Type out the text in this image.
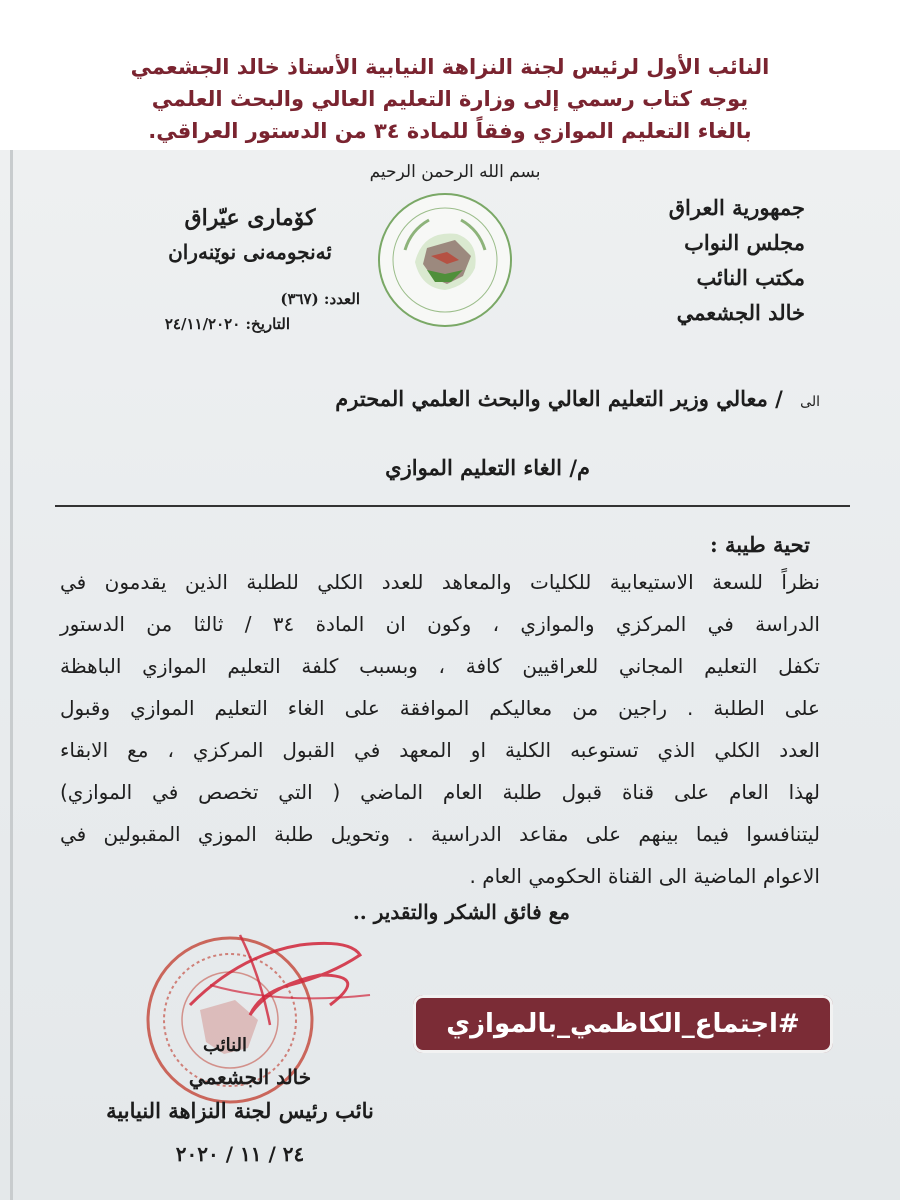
النائب الأول لرئيس لجنة النزاهة النيابية الأستاذ خالد الجشعمي

يوجه كتاب رسمي إلى وزارة التعليم العالي والبحث العلمي

بالغاء التعليم الموازي وفقاً للمادة ٣٤ من الدستور العراقي.

بسم الله الرحمن الرحيم
جمهورية العراق
مجلس النواب
مكتب النائب
خالد الجشعمي
كۆمارى عيّراق
ئەنجومەنى نوێنەران
العدد: (٣٦٧)
التاريخ: ٢٤/١١/٢٠٢٠
الى / معالي وزير التعليم العالي والبحث العلمي المحترم
م/ الغاء التعليم الموازي
تحية طيبة :
نظراً للسعة الاستيعابية للكليات والمعاهد للعدد الكلي للطلبة الذين يقدمون في
الدراسة في المركزي والموازي ، وكون ان المادة ٣٤ / ثالثا من الدستور
تكفل التعليم المجاني للعراقيين كافة ، وبسبب كلفة التعليم الموازي الباهظة
على الطلبة . راجين من معاليكم الموافقة على الغاء التعليم الموازي وقبول
العدد الكلي الذي تستوعبه الكلية او المعهد في القبول المركزي ، مع الابقاء
لهذا العام على قناة قبول طلبة العام الماضي ( التي تخصص في الموازي)
ليتنافسوا فيما بينهم على مقاعد الدراسية . وتحويل طلبة الموزي المقبولين في
الاعوام الماضية الى القناة الحكومي العام .
مع فائق الشكر والتقدير ..
النائب
خالد الجشعمي
نائب رئيس لجنة النزاهة النيابية
٢٤ / ١١ / ٢٠٢٠
#اجتماع_الكاظمي_بالموازي
